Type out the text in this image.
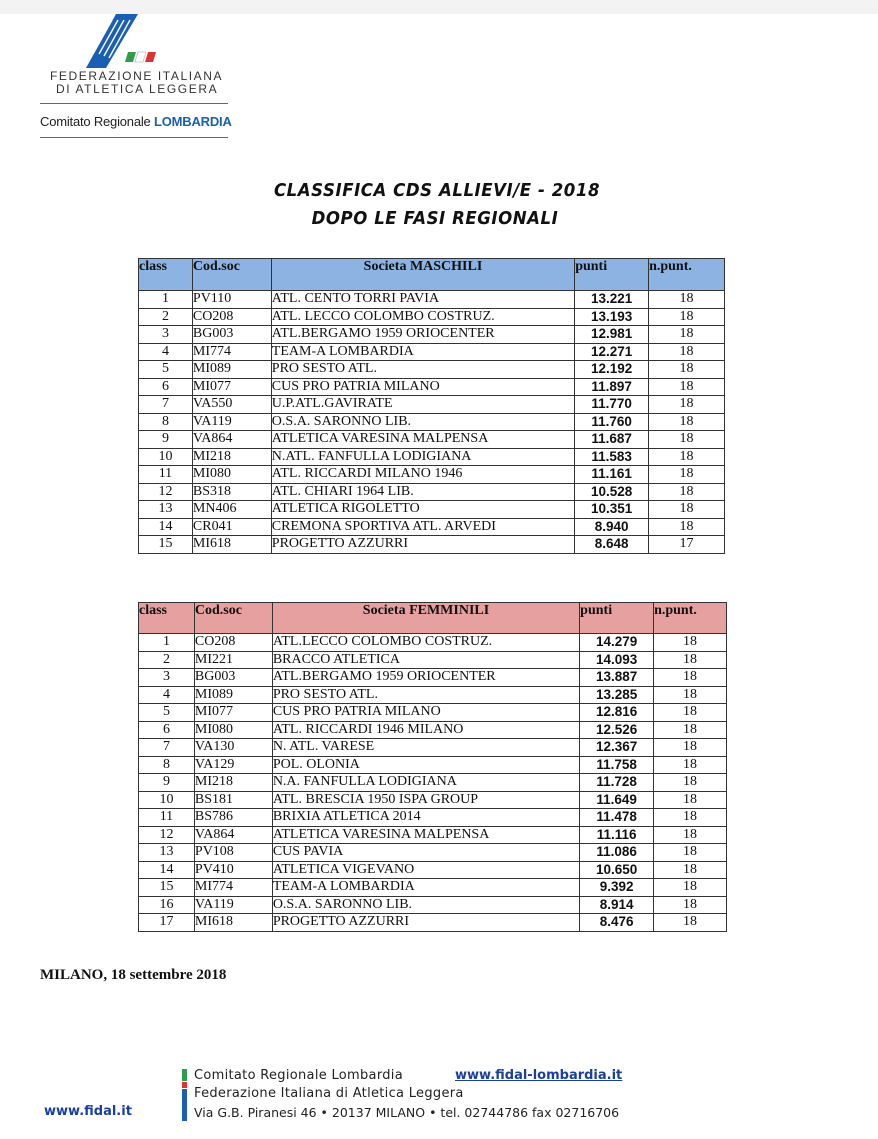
FEDERAZIONE ITALIANA
DI ATLETICA LEGGERA
Comitato Regionale LOMBARDIA
CLASSIFICA CDS ALLIEVI/E - 2018
DOPO LE FASI REGIONALI
class	Cod.soc	Societa MASCHILI	punti	n.punt.
1	PV110	ATL. CENTO TORRI PAVIA	13.221	18
2	CO208	ATL. LECCO COLOMBO COSTRUZ.	13.193	18
3	BG003	ATL.BERGAMO 1959 ORIOCENTER	12.981	18
4	MI774	TEAM-A LOMBARDIA	12.271	18
5	MI089	PRO SESTO ATL.	12.192	18
6	MI077	CUS PRO PATRIA MILANO	11.897	18
7	VA550	U.P.ATL.GAVIRATE	11.770	18
8	VA119	O.S.A. SARONNO LIB.	11.760	18
9	VA864	ATLETICA VARESINA MALPENSA	11.687	18
10	MI218	N.ATL. FANFULLA LODIGIANA	11.583	18
11	MI080	ATL. RICCARDI MILANO 1946	11.161	18
12	BS318	ATL. CHIARI 1964 LIB.	10.528	18
13	MN406	ATLETICA RIGOLETTO	10.351	18
14	CR041	CREMONA SPORTIVA ATL. ARVEDI	8.940	18
15	MI618	PROGETTO AZZURRI	8.648	17
class	Cod.soc	Societa FEMMINILI	punti	n.punt.
1	CO208	ATL.LECCO COLOMBO COSTRUZ.	14.279	18
2	MI221	BRACCO ATLETICA	14.093	18
3	BG003	ATL.BERGAMO 1959 ORIOCENTER	13.887	18
4	MI089	PRO SESTO ATL.	13.285	18
5	MI077	CUS PRO PATRIA MILANO	12.816	18
6	MI080	ATL. RICCARDI 1946 MILANO	12.526	18
7	VA130	N. ATL. VARESE	12.367	18
8	VA129	POL. OLONIA	11.758	18
9	MI218	N.A. FANFULLA LODIGIANA	11.728	18
10	BS181	ATL. BRESCIA 1950 ISPA GROUP	11.649	18
11	BS786	BRIXIA ATLETICA 2014	11.478	18
12	VA864	ATLETICA VARESINA MALPENSA	11.116	18
13	PV108	CUS PAVIA	11.086	18
14	PV410	ATLETICA VIGEVANO	10.650	18
15	MI774	TEAM-A LOMBARDIA	9.392	18
16	VA119	O.S.A. SARONNO LIB.	8.914	18
17	MI618	PROGETTO AZZURRI	8.476	18
MILANO, 18 settembre 2018
Comitato Regionale Lombardia	www.fidal-lombardia.it
Federazione Italiana di Atletica Leggera
Via G.B. Piranesi 46 • 20137 MILANO • tel. 02744786 fax 02716706
www.fidal.it
